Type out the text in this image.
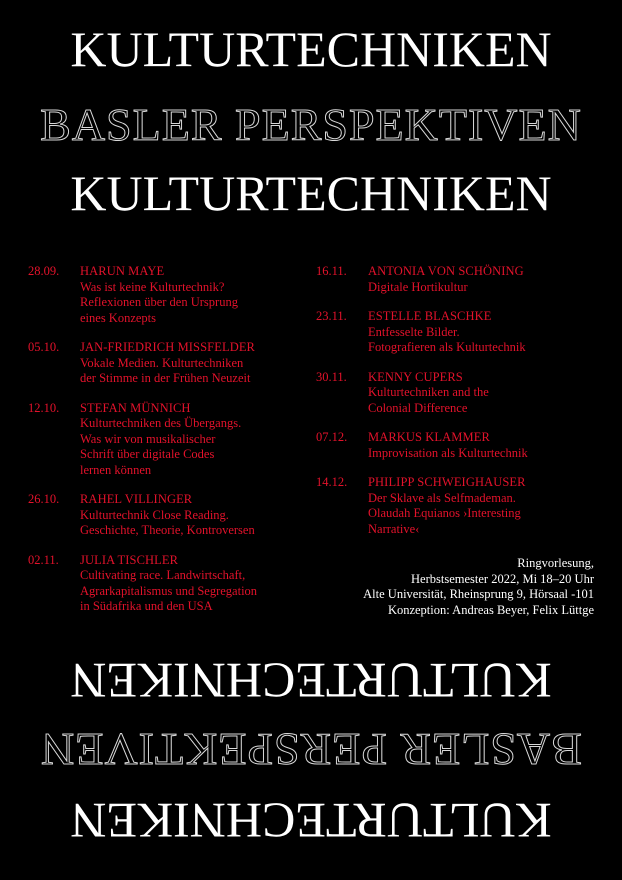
KULTURTECHNIKEN
BASLER PERSPEKTIVEN
KULTURTECHNIKEN
28.09.	HARUN MAYE
Was ist keine Kulturtechnik?
Reflexionen über den Ursprung
eines Konzepts
05.10.	JAN-FRIEDRICH MISSFELDER
Vokale Medien. Kulturtechniken
der Stimme in der Frühen Neuzeit
12.10.	STEFAN MÜNNICH
Kulturtechniken des Übergangs.
Was wir von musikalischer
Schrift über digitale Codes
lernen können
26.10.	RAHEL VILLINGER
Kulturtechnik Close Reading.
Geschichte, Theorie, Kontroversen
02.11.	JULIA TISCHLER
Cultivating race. Landwirtschaft,
Agrarkapitalismus und Segregation
in Südafrika und den USA
16.11.	ANTONIA VON SCHÖNING
Digitale Hortikultur
23.11.	ESTELLE BLASCHKE
Entfesselte Bilder.
Fotografieren als Kulturtechnik
30.11.	KENNY CUPERS
Kulturtechniken and the
Colonial Difference
07.12.	MARKUS KLAMMER
Improvisation als Kulturtechnik
14.12.	PHILIPP SCHWEIGHAUSER
Der Sklave als Selfmademan.
Olaudah Equianos ›Interesting
Narrative‹
Ringvorlesung,
Herbstsemester 2022, Mi 18–20 Uhr
Alte Universität, Rheinsprung 9, Hörsaal -101
Konzeption: Andreas Beyer, Felix Lüttge
KULTURTECHNIKEN
BASLER PERSPEKTIVEN
KULTURTECHNIKEN
